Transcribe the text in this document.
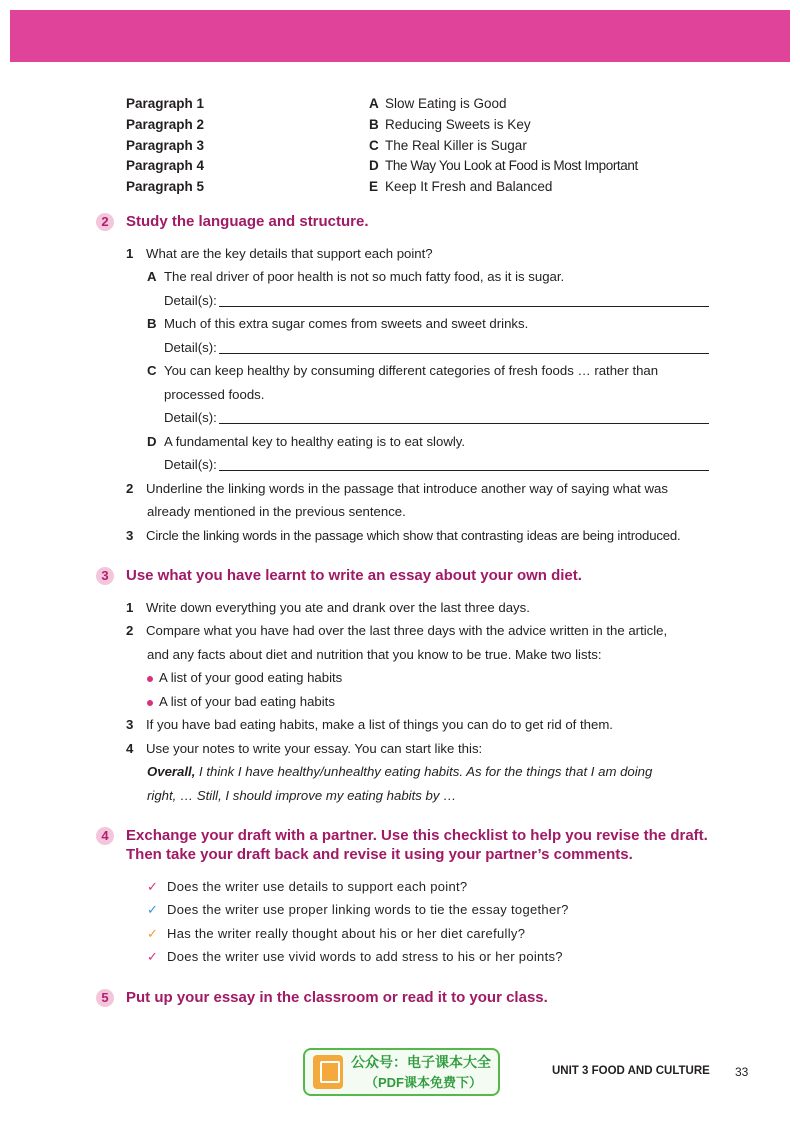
Paragraph 1	A Slow Eating is Good
Paragraph 2	B Reducing Sweets is Key
Paragraph 3	C The Real Killer is Sugar
Paragraph 4	D The Way You Look at Food is Most Important
Paragraph 5	E Keep It Fresh and Balanced
2	Study the language and structure.
1 What are the key details that support each point?
A The real driver of poor health is not so much fatty food, as it is sugar.
Detail(s):
B Much of this extra sugar comes from sweets and sweet drinks.
Detail(s):
C You can keep healthy by consuming different categories of fresh foods … rather than
processed foods.
Detail(s):
D A fundamental key to healthy eating is to eat slowly.
Detail(s):
2 Underline the linking words in the passage that introduce another way of saying what was
already mentioned in the previous sentence.
3 Circle the linking words in the passage which show that contrasting ideas are being introduced.
3	Use what you have learnt to write an essay about your own diet.
1 Write down everything you ate and drank over the last three days.
2 Compare what you have had over the last three days with the advice written in the article,
and any facts about diet and nutrition that you know to be true. Make two lists:
A list of your good eating habits
A list of your bad eating habits
3 If you have bad eating habits, make a list of things you can do to get rid of them.
4 Use your notes to write your essay. You can start like this:
Overall, I think I have healthy/unhealthy eating habits. As for the things that I am doing
right, … Still, I should improve my eating habits by …
4	Exchange your draft with a partner. Use this checklist to help you revise the draft.
Then take your draft back and revise it using your partner’s comments.
✓ Does the writer use details to support each point?
✓ Does the writer use proper linking words to tie the essay together?
✓ Has the writer really thought about his or her diet carefully?
✓ Does the writer use vivid words to add stress to his or her points?
5	Put up your essay in the classroom or read it to your class.
公众号：电子课本大全
（PDF课本免费下）
UNIT 3 FOOD AND CULTURE 33
